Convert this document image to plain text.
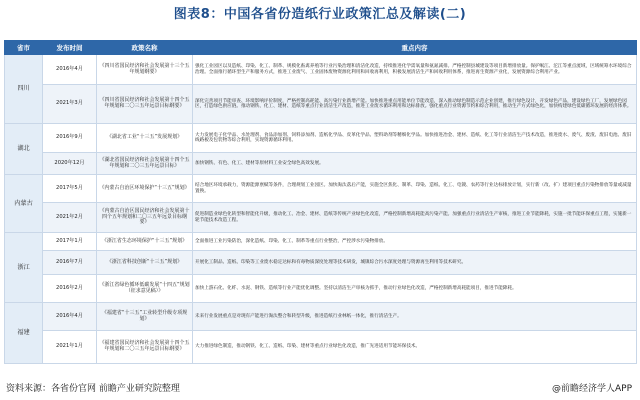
图表8：中国各省份造纸行业政策汇总及解读(二)
省市	发布时间	政策名称	重点内容
四川	2016年4月	《四川省国民经济和社会发展第十三个五年规划纲要》	强化工业园区以及造纸、印染、化工、制革、规模化畜禽养殖等行业污染治理和清洁化改造，持续推进化学需氧量和氨氮减排。严格控制县城建设等项目新增排放量。保护岷江、沱江等重点流域，区域统筹水环境综合治理。全面推行循环型生产和服务方式，推进工业废气、工业固体废物资源化利用和回收再利用，积极发展清洁生产和回收利用体系，推进再生资源产业化，发展资源综合利用产业。
	2021年3月	《四川省国民经济和社会发展第十四个五年规划和二〇三五年远景目标纲要》	深化完善项目节能审查、环境影响评价制度，严格控制高耗能、高污染行业新增产能。加快推进重点用能单位节能改造，深入推动绿色制造示范企业创建，推行绿色设计，开发绿色产品，建设绿色工厂，发展绿色园区，打造绿色供应链。推动钢铁、化工、建材、造纸等重点行业清洁生产改造，推进工业废水循环利用和达标排放。强化重点行业资源节约和综合利用，推动生产方式绿色化，加快构建绿色低碳循环发展的经济体系。
湖北	2016年9月	《湖北省工业“十三五”发展规划》	大力发展电子化学品、水处理剂、食品添加剂、饲料添加剂、造纸化学品、皮革化学品、塑料助剂等精细化学品。加快推进冶金、建材、造纸、化工等行业清洁生产技术改造，推进废水、废气、废渣、废旧电池、废旧线路板及包装物等综合利用，实现资源循环利用。
	2020年12月	《湖北省国民经济和社会发展第十四个五年规划和二〇三五年远景目标》	加快钢铁、有色、化工、建材等原材料工业安全绿色高效发展。
内蒙古	2017年5月	《内蒙古自治区环境保护“十三五”规划》	结合地区环境承载力，资源能源禀赋等条件，合理规划工业园区。加快淘汰落后产能，实施全区焦化、制革、印染、造纸、化工、电镀、农药等行业达标排放计划，实行新（改、扩）建项目重点污染物排放等量或减量置换。
	2021年2月	《内蒙古自治区国民经济和社会发展第十四个五年规划和二〇三五年远景目标纲要》	促进制造业绿色化转型和智能化升级，推动化工、冶金、建材、造纸等传统产业绿色化改造，严格控制新增高耗能高污染产能。加强重点行业清洁生产审核，推进工业节能降耗，实施一批节能环保重点工程，实施新一轮节能技术改造工程。
浙江	2017年1月	《浙江省生态环境保护“十三五”规划》	全面推进工业污染防治，深化造纸、印染、化工、制革等重点行业整治，严控涉水污染物排放。
	2016年7月	《浙江省科技创新“十三五”规划》	开展化工制品、造纸、印染等工业废水稳定达标和有毒物质深度处理等技术研发，城镇综合污水深度处理与资源再生利用等技术研究。
	2016年2月	《浙江省绿色循环低碳发展“十四五”规划（征求意见稿）》	加快上游石化、化纤、水泥、钢铁、造纸等行业产能优化调整。坚持以清洁生产审核为抓手，推动行业绿色化改造，严格控制新增高耗能项目，推进节能降耗。
福建	2016年4月	《福建省“十三五”工业转型升级专项规划》	未来行业发展重点是对现有产能进行淘汰整合和转型升级，推进造纸行业林纸一体化，推行清洁生产。
	2021年1月	《福建省国民经济和社会发展第十四个五年规划和二〇三五年远景目标纲要》	大力推进绿色制造，推动钢铁、化工、造纸、印染、建材等重点行业绿色化改造，推广先进适用节能环保技术。
资料来源：各省份官网 前瞻产业研究院整理	@前瞻经济学人APP
